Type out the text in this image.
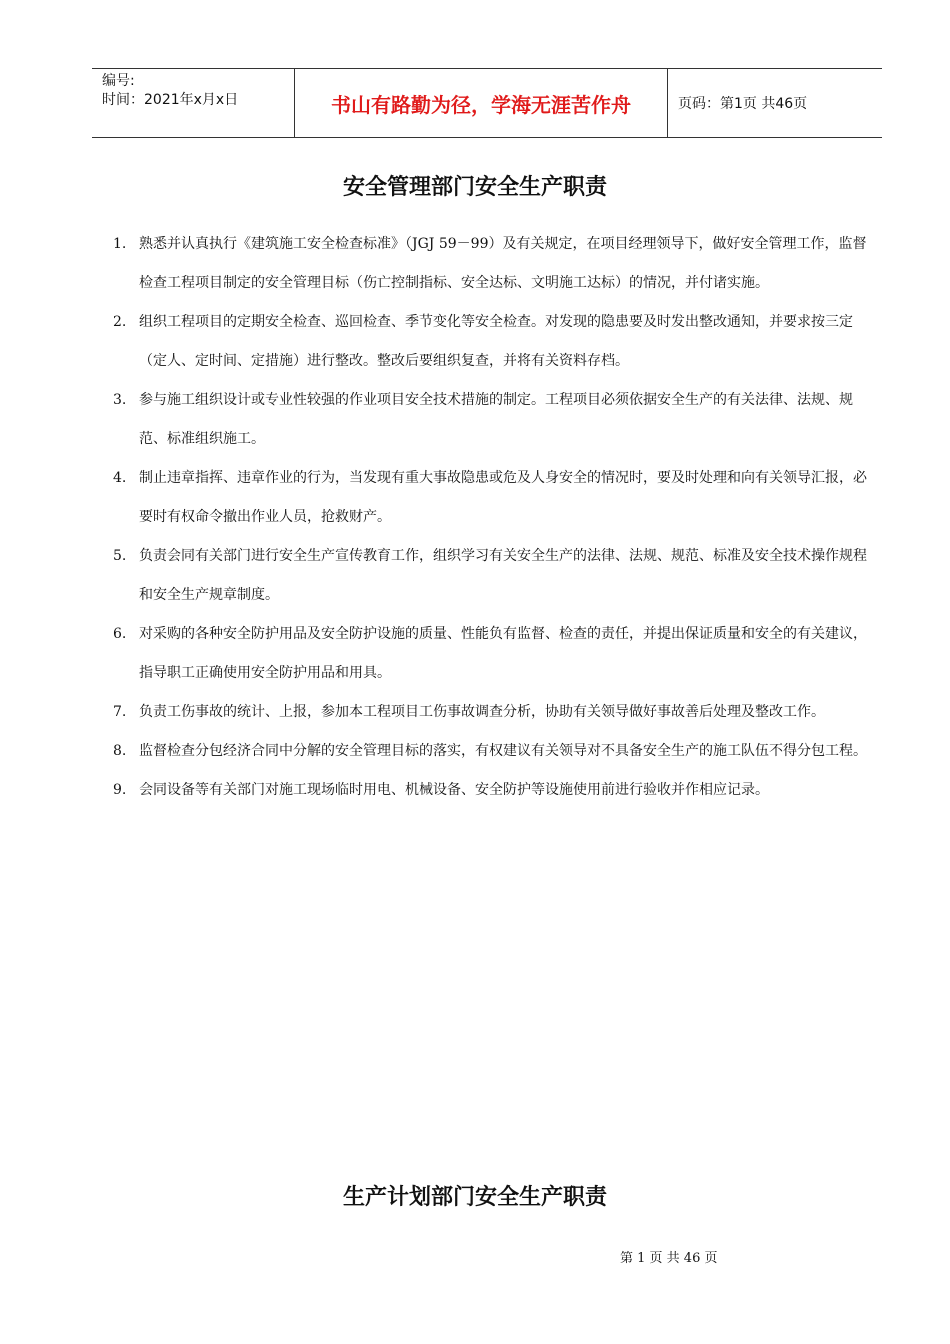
编号:
时间：2021年x月x日	书山有路勤为径，学海无涯苦作舟	页码：第1页 共46页
安全管理部门安全生产职责
1. 熟悉并认真执行《建筑施工安全检查标准》（JGJ 59－99）及有关规定，在项目经理领导下，做好安全管理工作，监督检查工程项目制定的安全管理目标（伤亡控制指标、安全达标、文明施工达标）的情况，并付诸实施。
2. 组织工程项目的定期安全检查、巡回检查、季节变化等安全检查。对发现的隐患要及时发出整改通知，并要求按三定（定人、定时间、定措施）进行整改。整改后要组织复查，并将有关资料存档。
3. 参与施工组织设计或专业性较强的作业项目安全技术措施的制定。工程项目必须依据安全生产的有关法律、法规、规范、标准组织施工。
4. 制止违章指挥、违章作业的行为，当发现有重大事故隐患或危及人身安全的情况时，要及时处理和向有关领导汇报，必要时有权命令撤出作业人员，抢救财产。
5. 负责会同有关部门进行安全生产宣传教育工作，组织学习有关安全生产的法律、法规、规范、标准及安全技术操作规程和安全生产规章制度。
6. 对采购的各种安全防护用品及安全防护设施的质量、性能负有监督、检查的责任，并提出保证质量和安全的有关建议，指导职工正确使用安全防护用品和用具。
7. 负责工伤事故的统计、上报，参加本工程项目工伤事故调查分析，协助有关领导做好事故善后处理及整改工作。
8. 监督检查分包经济合同中分解的安全管理目标的落实，有权建议有关领导对不具备安全生产的施工队伍不得分包工程。
9. 会同设备等有关部门对施工现场临时用电、机械设备、安全防护等设施使用前进行验收并作相应记录。
生产计划部门安全生产职责
第 1 页 共 46 页
